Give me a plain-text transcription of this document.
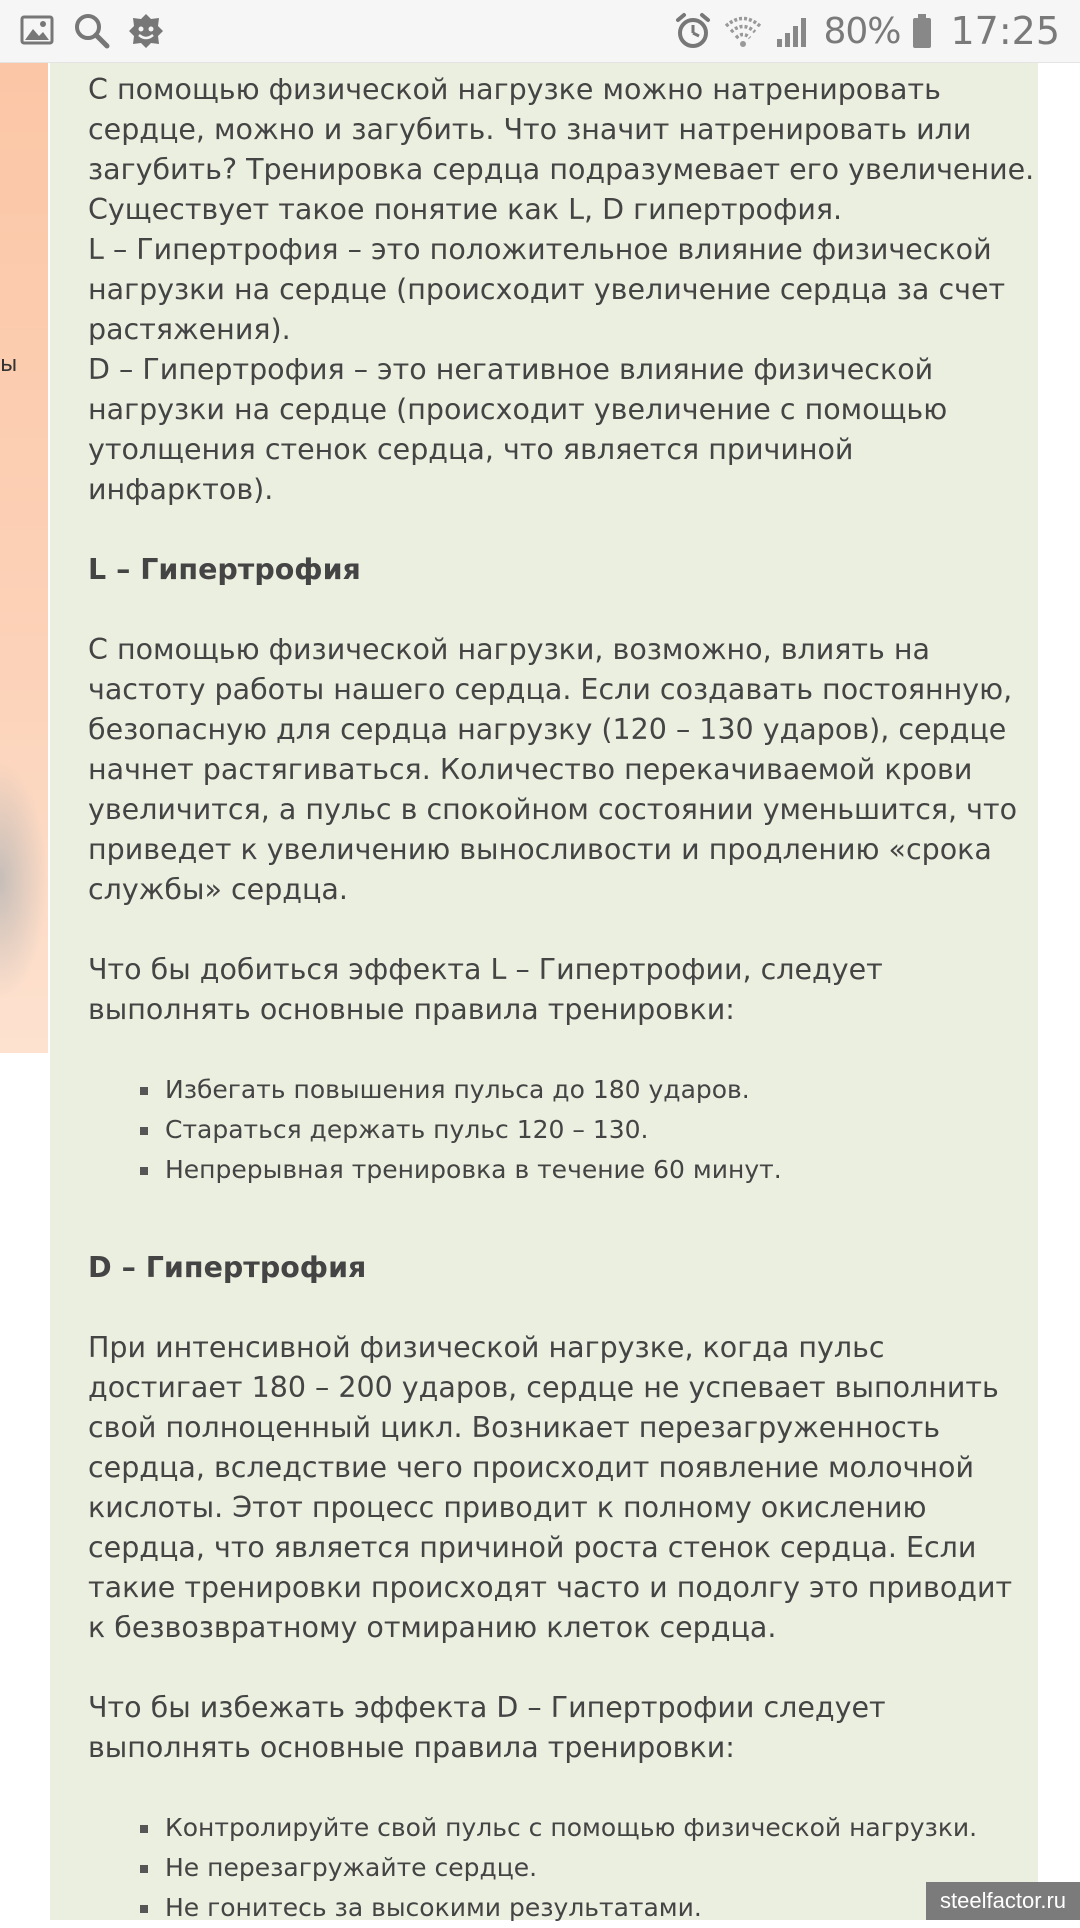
80% 17:25
ы

С помощью физической нагрузке можно натренировать сердце, можно и загубить. Что значит натренировать или загубить? Тренировка сердца подразумевает его увеличение. Существует такое понятие как L, D гипертрофия.
L – Гипертрофия – это положительное влияние физической нагрузки на сердце (происходит увеличение сердца за счет растяжения).
D – Гипертрофия – это негативное влияние физической нагрузки на сердце (происходит увеличение с помощью утолщения стенок сердца, что является причиной инфарктов).

L – Гипертрофия

С помощью физической нагрузки, возможно, влиять на частоту работы нашего сердца. Если создавать постоянную, безопасную для сердца нагрузку (120 – 130 ударов), сердце начнет растягиваться. Количество перекачиваемой крови увеличится, а пульс в спокойном состоянии уменьшится, что приведет к увеличению выносливости и продлению «срока службы» сердца.

Что бы добиться эффекта L – Гипертрофии, следует выполнять основные правила тренировки:

Избегать повышения пульса до 180 ударов.
Стараться держать пульс 120 – 130.
Непрерывная тренировка в течение 60 минут.
D – Гипертрофия

При интенсивной физической нагрузке, когда пульс достигает 180 – 200 ударов, сердце не успевает выполнить свой полноценный цикл. Возникает перезагруженность сердца, вследствие чего происходит появление молочной кислоты. Этот процесс приводит к полному окислению сердца, что является причиной роста стенок сердца. Если такие тренировки происходят часто и подолгу это приводит к безвозвратному отмиранию клеток сердца.

Что бы избежать эффекта D – Гипертрофии следует выполнять основные правила тренировки:

Контролируйте свой пульс с помощью физической нагрузки.
Не перезагружайте сердце.
Не гонитесь за высокими результатами.	steelfactor.ru
